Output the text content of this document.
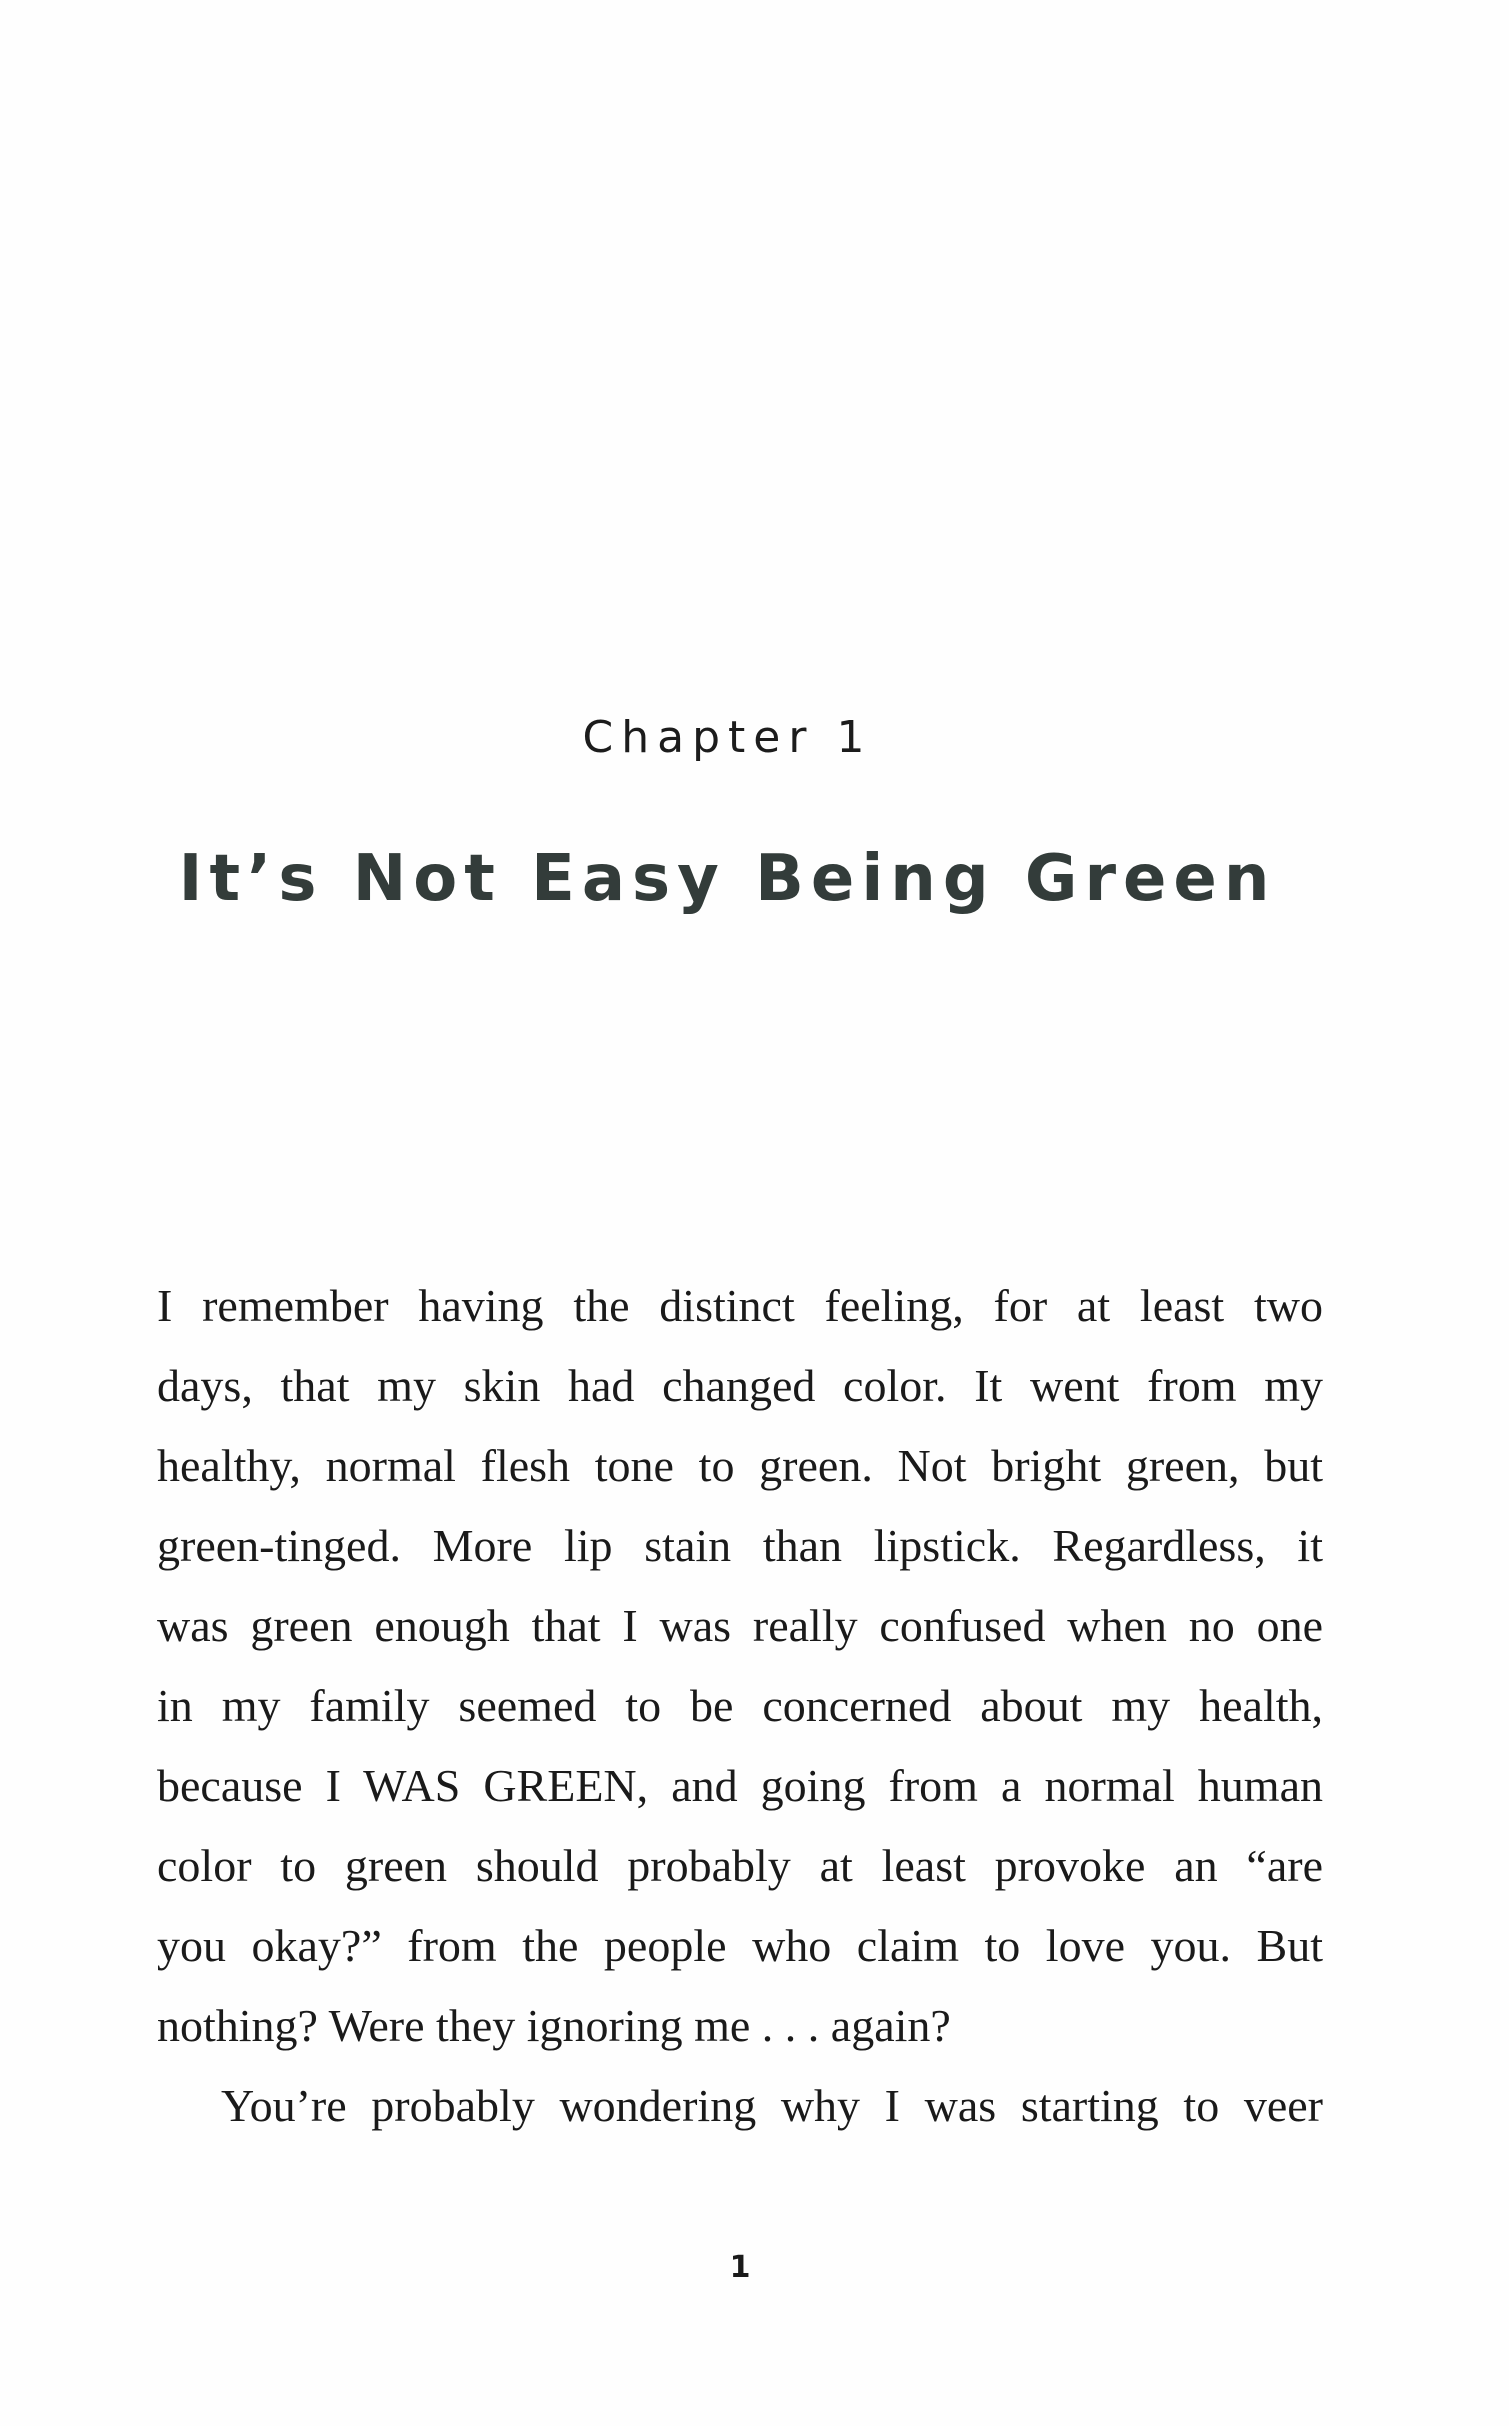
Chapter 1

It’s Not Easy Being Green
I remember having the distinct feeling, for at least two
days, that my skin had changed color. It went from my
healthy, normal flesh tone to green. Not bright green, but
green-tinged. More lip stain than lipstick. Regardless, it
was green enough that I was really confused when no one
in my family seemed to be concerned about my health,
because I WAS GREEN, and going from a normal human
color to green should probably at least provoke an “are
you okay?” from the people who claim to love you. But
nothing? Were they ignoring me . . . again?
You’re probably wondering why I was starting to veer

1
